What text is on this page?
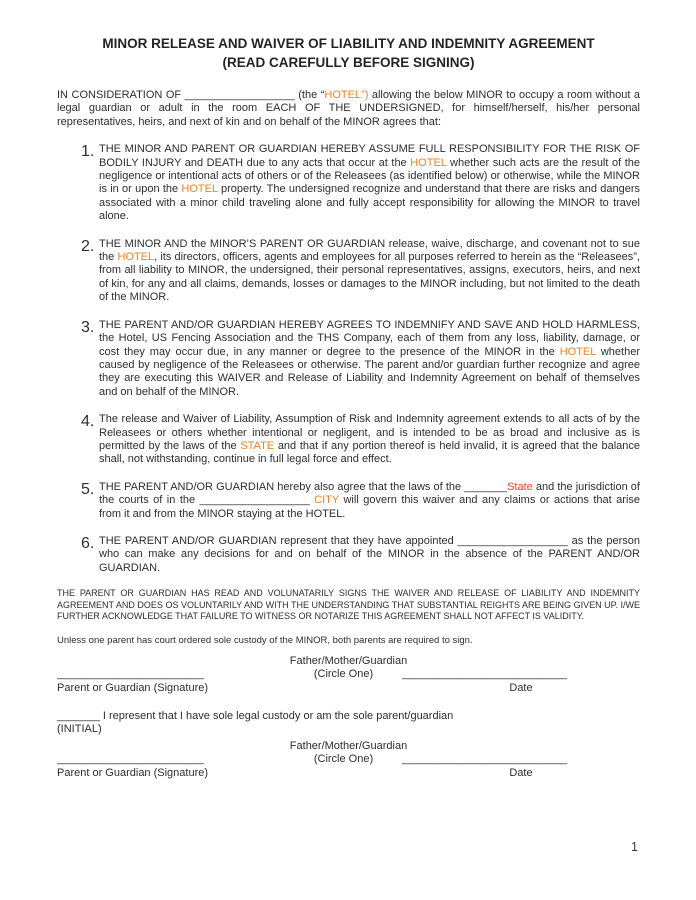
MINOR RELEASE AND WAIVER OF LIABILITY AND INDEMNITY AGREEMENT
(READ CAREFULLY BEFORE SIGNING)

IN CONSIDERATION OF __________________ (the “HOTEL”) allowing the below MINOR to occupy a room without a legal guardian or adult in the room EACH OF THE UNDERSIGNED, for himself/herself, his/her personal representatives, heirs, and next of kin and on behalf of the MINOR agrees that:

1. THE MINOR AND PARENT OR GUARDIAN HEREBY ASSUME FULL RESPONSIBILITY FOR THE RISK OF BODILY INJURY and DEATH due to any acts that occur at the HOTEL whether such acts are the result of the negligence or intentional acts of others or of the Releasees (as identified below) or otherwise, while the MINOR is in or upon the HOTEL property. The undersigned recognize and understand that there are risks and dangers associated with a minor child traveling alone and fully accept responsibility for allowing the MINOR to travel alone.

2. THE MINOR AND the MINOR’S PARENT OR GUARDIAN release, waive, discharge, and covenant not to sue the HOTEL, its directors, officers, agents and employees for all purposes referred to herein as the “Releasees”, from all liability to MINOR, the undersigned, their personal representatives, assigns, executors, heirs, and next of kin, for any and all claims, demands, losses or damages to the MINOR including, but not limited to the death of the MINOR.

3. THE PARENT AND/OR GUARDIAN HEREBY AGREES TO INDEMNIFY AND SAVE AND HOLD HARMLESS, the Hotel, US Fencing Association and the THS Company, each of them from any loss, liability, damage, or cost they may occur due, in any manner or degree to the presence of the MINOR in the HOTEL whether caused by negligence of the Releasees or otherwise. The parent and/or guardian further recognize and agree they are executing this WAIVER and Release of Liability and Indemnity Agreement on behalf of themselves and on behalf of the MINOR.

4. The release and Waiver of Liability, Assumption of Risk and Indemnity agreement extends to all acts of by the Releasees or others whether intentional or negligent, and is intended to be as broad and inclusive as is permitted by the laws of the STATE and that if any portion thereof is held invalid, it is agreed that the balance shall, not withstanding, continue in full legal force and effect.

5. THE PARENT AND/OR GUARDIAN hereby also agree that the laws of the _______State and the jurisdiction of the courts of in the __________________ CITY will govern this waiver and any claims or actions that arise from it and from the MINOR staying at the HOTEL.

6. THE PARENT AND/OR GUARDIAN represent that they have appointed __________________ as the person who can make any decisions for and on behalf of the MINOR in the absence of the PARENT AND/OR GUARDIAN.

THE PARENT OR GUARDIAN HAS READ AND VOLUNATARILY SIGNS THE WAIVER AND RELEASE OF LIABILITY AND INDEMNITY AGREEMENT AND DOES OS VOLUNTARILY AND WITH THE UNDERSTANDING THAT SUBSTANTIAL REIGHTS ARE BEING GIVEN UP. I/WE FURTHER ACKNOWLEDGE THAT FAILURE TO WITNESS OR NOTARIZE THIS AGREEMENT SHALL NOT AFFECT IS VALIDITY.

Unless one parent has court ordered sole custody of the MINOR, both parents are required to sign.

Father/Mother/Guardian
________________________
Parent or Guardian (Signature)
(Circle One)	___________________________
Date
_______ I represent that I have sole legal custody or am the sole parent/guardian
(INITIAL)
Father/Mother/Guardian
________________________
Parent or Guardian (Signature)
(Circle One)	___________________________
Date
1
